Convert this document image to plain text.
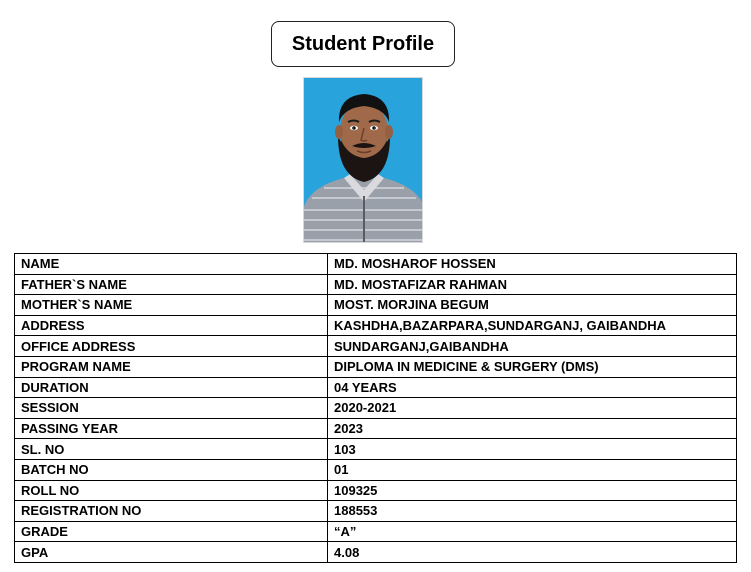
Student Profile
NAME	MD. MOSHAROF HOSSEN
FATHER`S NAME	MD. MOSTAFIZAR RAHMAN
MOTHER`S NAME	MOST. MORJINA BEGUM
ADDRESS	KASHDHA,BAZARPARA,SUNDARGANJ, GAIBANDHA
OFFICE ADDRESS	SUNDARGANJ,GAIBANDHA
PROGRAM NAME	DIPLOMA IN MEDICINE & SURGERY (DMS)
DURATION	04 YEARS
SESSION	2020-2021
PASSING YEAR	2023
SL. NO	103
BATCH NO	01
ROLL NO	109325
REGISTRATION NO	188553
GRADE	“A”
GPA	4.08
